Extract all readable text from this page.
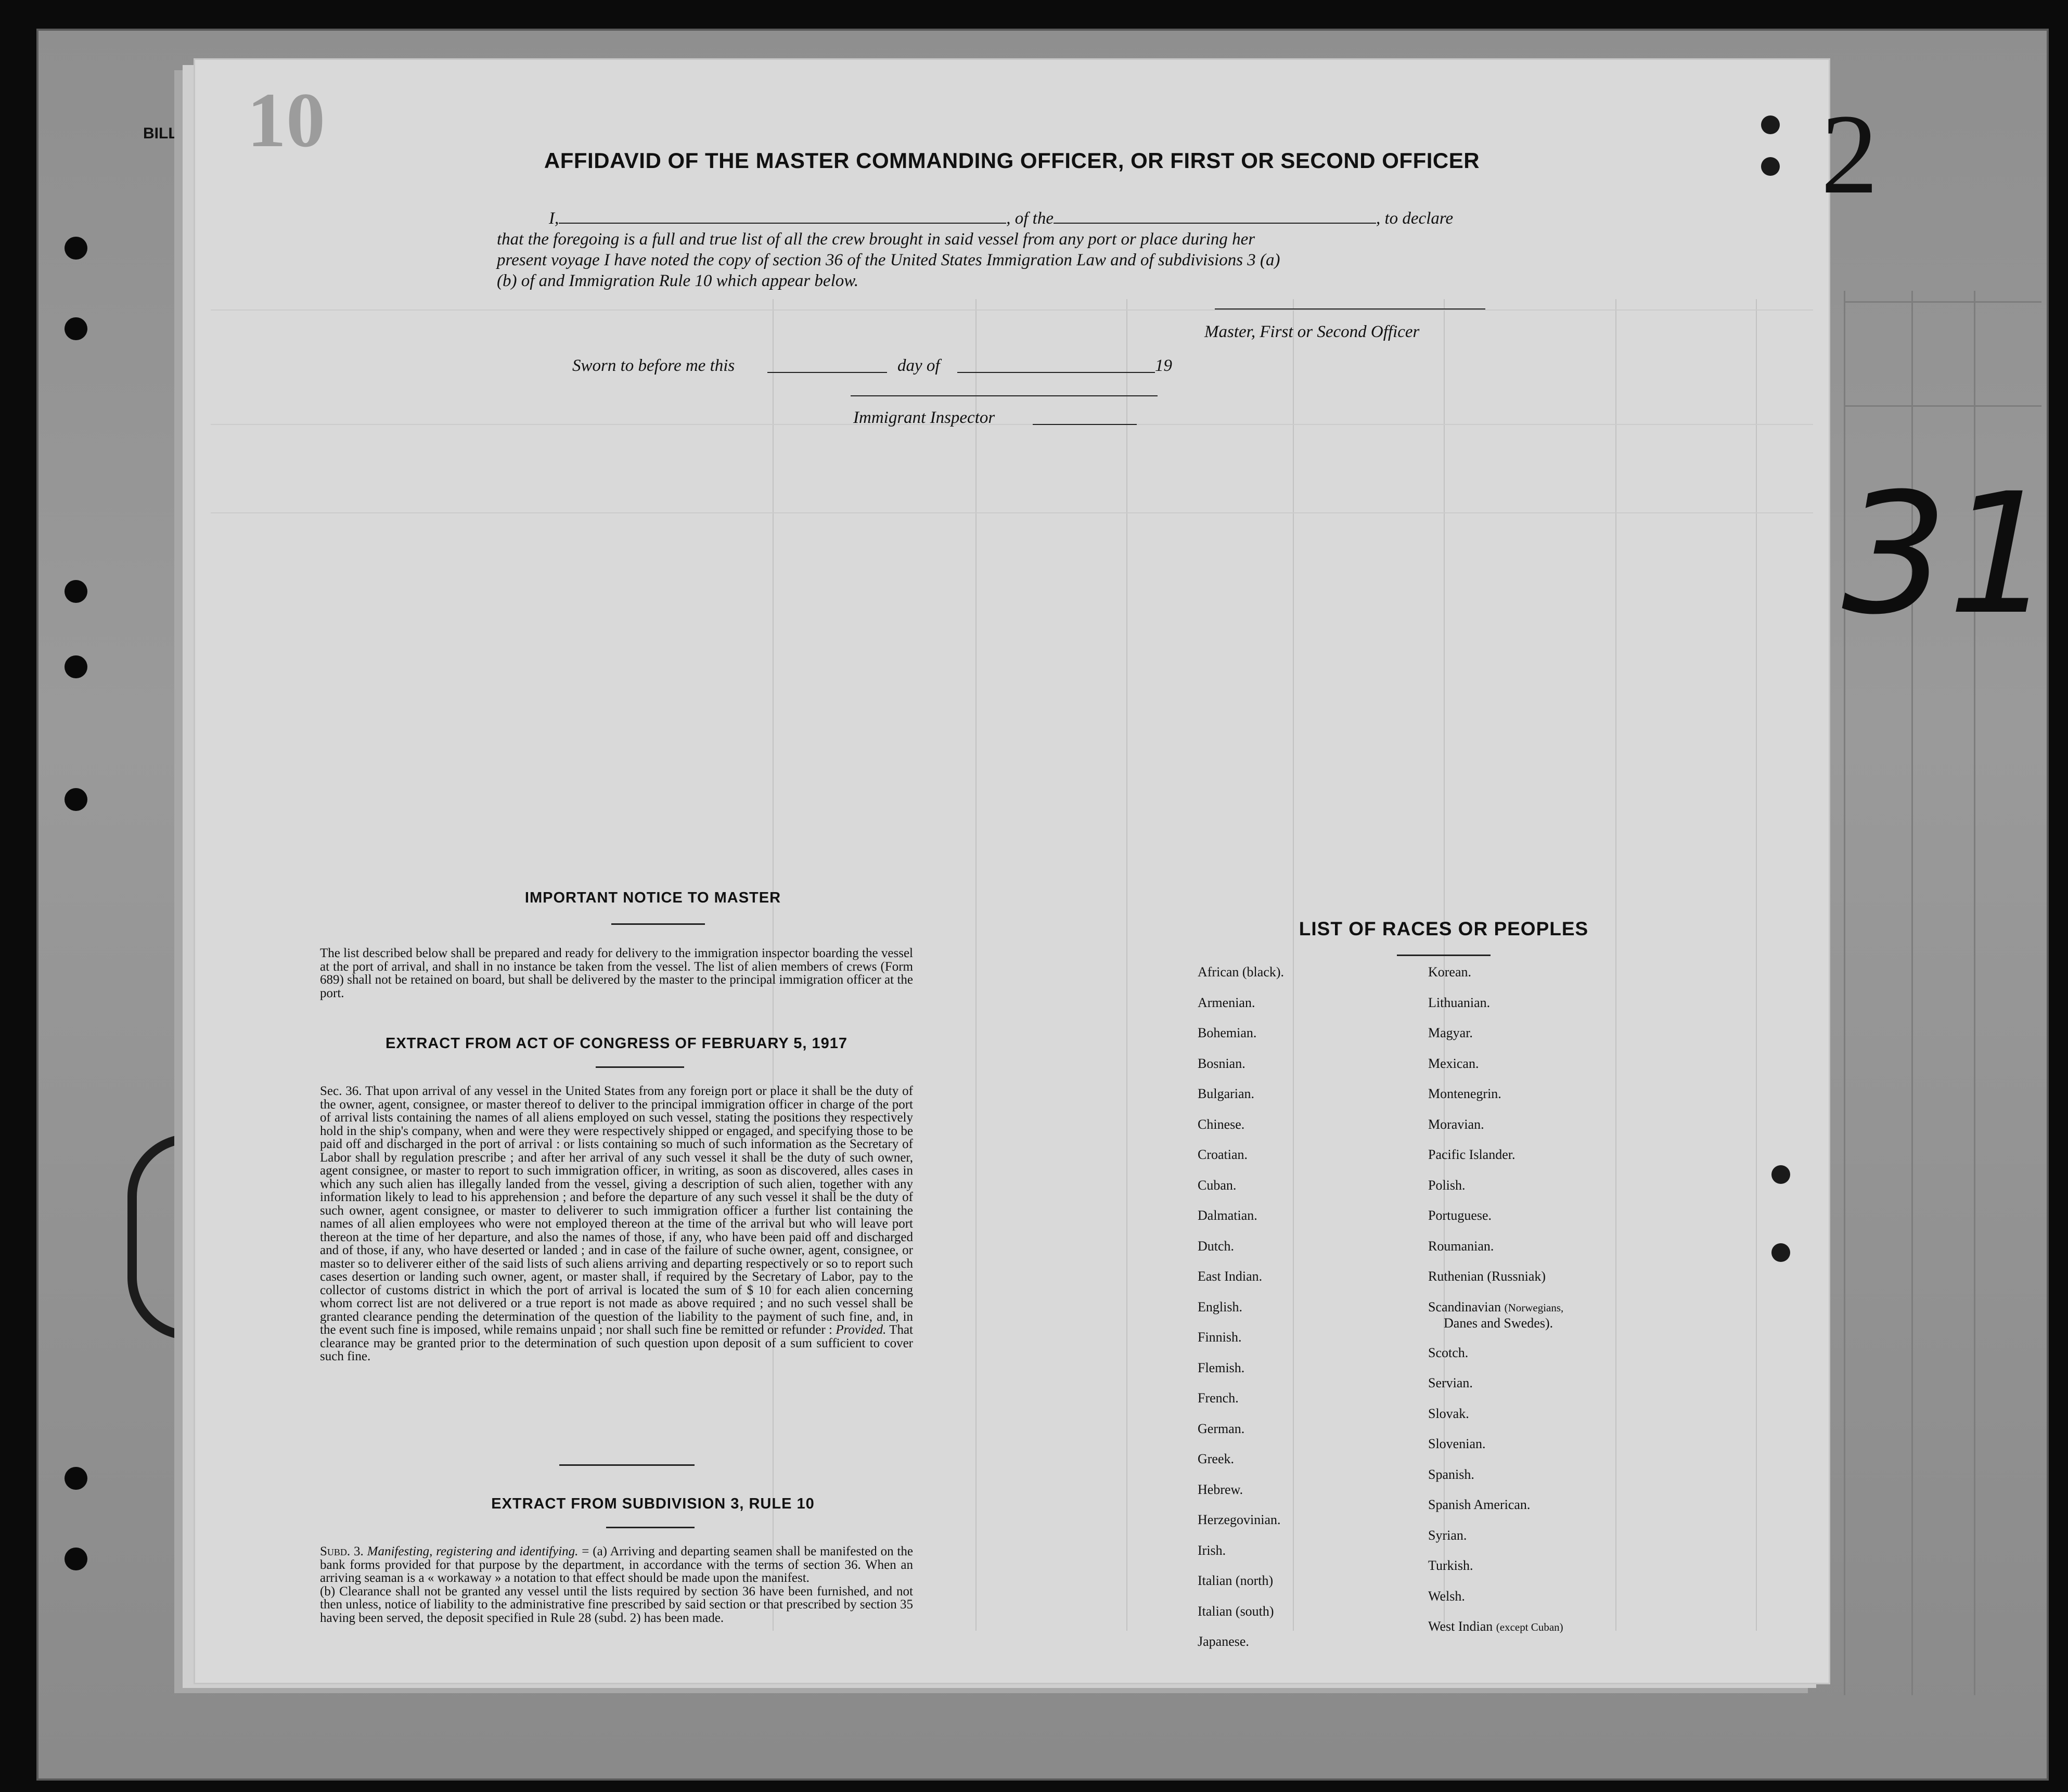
BILL 10	AFFIDAVID OF THE MASTER COMMANDING OFFICER, OR FIRST OR SECOND OFFICER
I,	, of the	, to declare
that the foregoing is a full and true list of all the crew brought in said vessel from any port or place during her
present voyage I have noted the copy of section 36 of the United States Immigration Law and of subdivisions 3 (a)
(b) of and Immigration Rule 10 which appear below.
Master, First or Second Officer
Sworn to before me this	day of	19
Immigrant Inspector
IMPORTANT NOTICE TO MASTER
The list described below shall be prepared and ready for delivery to the immigration inspector boarding the vessel at the port of arrival, and shall in no instance be taken from the vessel. The list of alien members of crews (Form 689) shall not be retained on board, but shall be delivered by the master to the principal immigration officer at the port.
EXTRACT FROM ACT OF CONGRESS OF FEBRUARY 5, 1917
Sec. 36. That upon arrival of any vessel in the United States from any foreign port or place it shall be the duty of the owner, agent, consignee, or master thereof to deliver to the principal immigration officer in charge of the port of arrival lists containing the names of all aliens employed on such vessel, stating the positions they respectively hold in the ship's company, when and were they were respectively shipped or engaged, and specifying those to be paid off and discharged in the port of arrival : or lists containing so much of such information as the Secretary of Labor shall by regulation prescribe ; and after her arrival of any such vessel it shall be the duty of such owner, agent consignee, or master to report to such immigration officer, in writing, as soon as discovered, alles cases in which any such alien has illegally landed from the vessel, giving a description of such alien, together with any information likely to lead to his apprehension ; and before the departure of any such vessel it shall be the duty of such owner, agent consignee, or master to deliverer to such immigration officer a further list containing the names of all alien employees who were not employed thereon at the time of the arrival but who will leave port thereon at the time of her departure, and also the names of those, if any, who have been paid off and discharged and of those, if any, who have deserted or landed ; and in case of the failure of suche owner, agent, consignee, or master so to deliverer either of the said lists of such aliens arriving and departing respectively or so to report such cases desertion or landing such owner, agent, or master shall, if required by the Secretary of Labor, pay to the collector of customs district in which the port of arrival is located the sum of $ 10 for each alien concerning whom correct list are not delivered or a true report is not made as above required ; and no such vessel shall be granted clearance pending the determination of the question of the liability to the payment of such fine, and, in the event such fine is imposed, while remains unpaid ; nor shall such fine be remitted or refunder : Provided. That clearance may be granted prior to the determination of such question upon deposit of a sum sufficient to cover such fine.
EXTRACT FROM SUBDIVISION 3, RULE 10
Subd. 3. Manifesting, registering and identifying. = (a) Arriving and departing seamen shall be manifested on the bank forms provided for that purpose by the department, in accordance with the terms of section 36. When an arriving seaman is a « workaway » a notation to that effect should be made upon the manifest.
(b) Clearance shall not be granted any vessel until the lists required by section 36 have been furnished, and not then unless, notice of liability to the administrative fine prescribed by said section or that prescribed by section 35 having been served, the deposit specified in Rule 28 (subd. 2) has been made.
LIST OF RACES OR PEOPLES
African (black).
Armenian.
Bohemian.
Bosnian.
Bulgarian.
Chinese.
Croatian.
Cuban.
Dalmatian.
Dutch.
East Indian.
English.
Finnish.
Flemish.
French.
German.
Greek.
Hebrew.
Herzegovinian.
Irish.
Italian (north)
Italian (south)
Japanese.
Korean.
Lithuanian.
Magyar.
Mexican.
Montenegrin.
Moravian.
Pacific Islander.
Polish.
Portuguese.
Roumanian.
Ruthenian (Russniak)
Scandinavian (Norwegians,
Danes and Swedes).
Scotch.
Servian.
Slovak.
Slovenian.
Spanish.
Spanish American.
Syrian.
Turkish.
Welsh.
West Indian (except Cuban)
2
31
